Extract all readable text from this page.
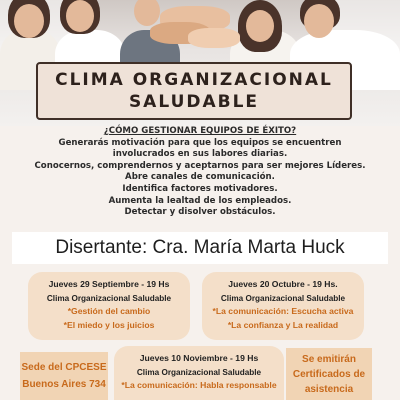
CLIMA ORGANIZACIONAL
SALUDABLE
¿CÓMO GESTIONAR EQUIPOS DE ÉXITO?
Generarás motivación para que los equipos se encuentren
involucrados en sus labores diarias.
Conocernos, comprendernos y aceptarnos para ser mejores Líderes.
Abre canales de comunicación.
Identifica factores motivadores.
Aumenta la lealtad de los empleados.
Detectar y disolver obstáculos.
Disertante: Cra. María Marta Huck
Jueves 29 Septiembre - 19 Hs
Clima Organizacional Saludable
*Gestión del cambio
*El miedo y los juicios
Jueves 20 Octubre - 19 Hs.
Clima Organizacional Saludable
*La comunicación: Escucha activa
*La confianza y La realidad
Jueves 10 Noviembre - 19 Hs
Clima Organizacional Saludable
*La comunicación: Habla responsable
Sede del CPCESE
Buenos Aires 734
Se emitirán
Certificados de
asistencia
